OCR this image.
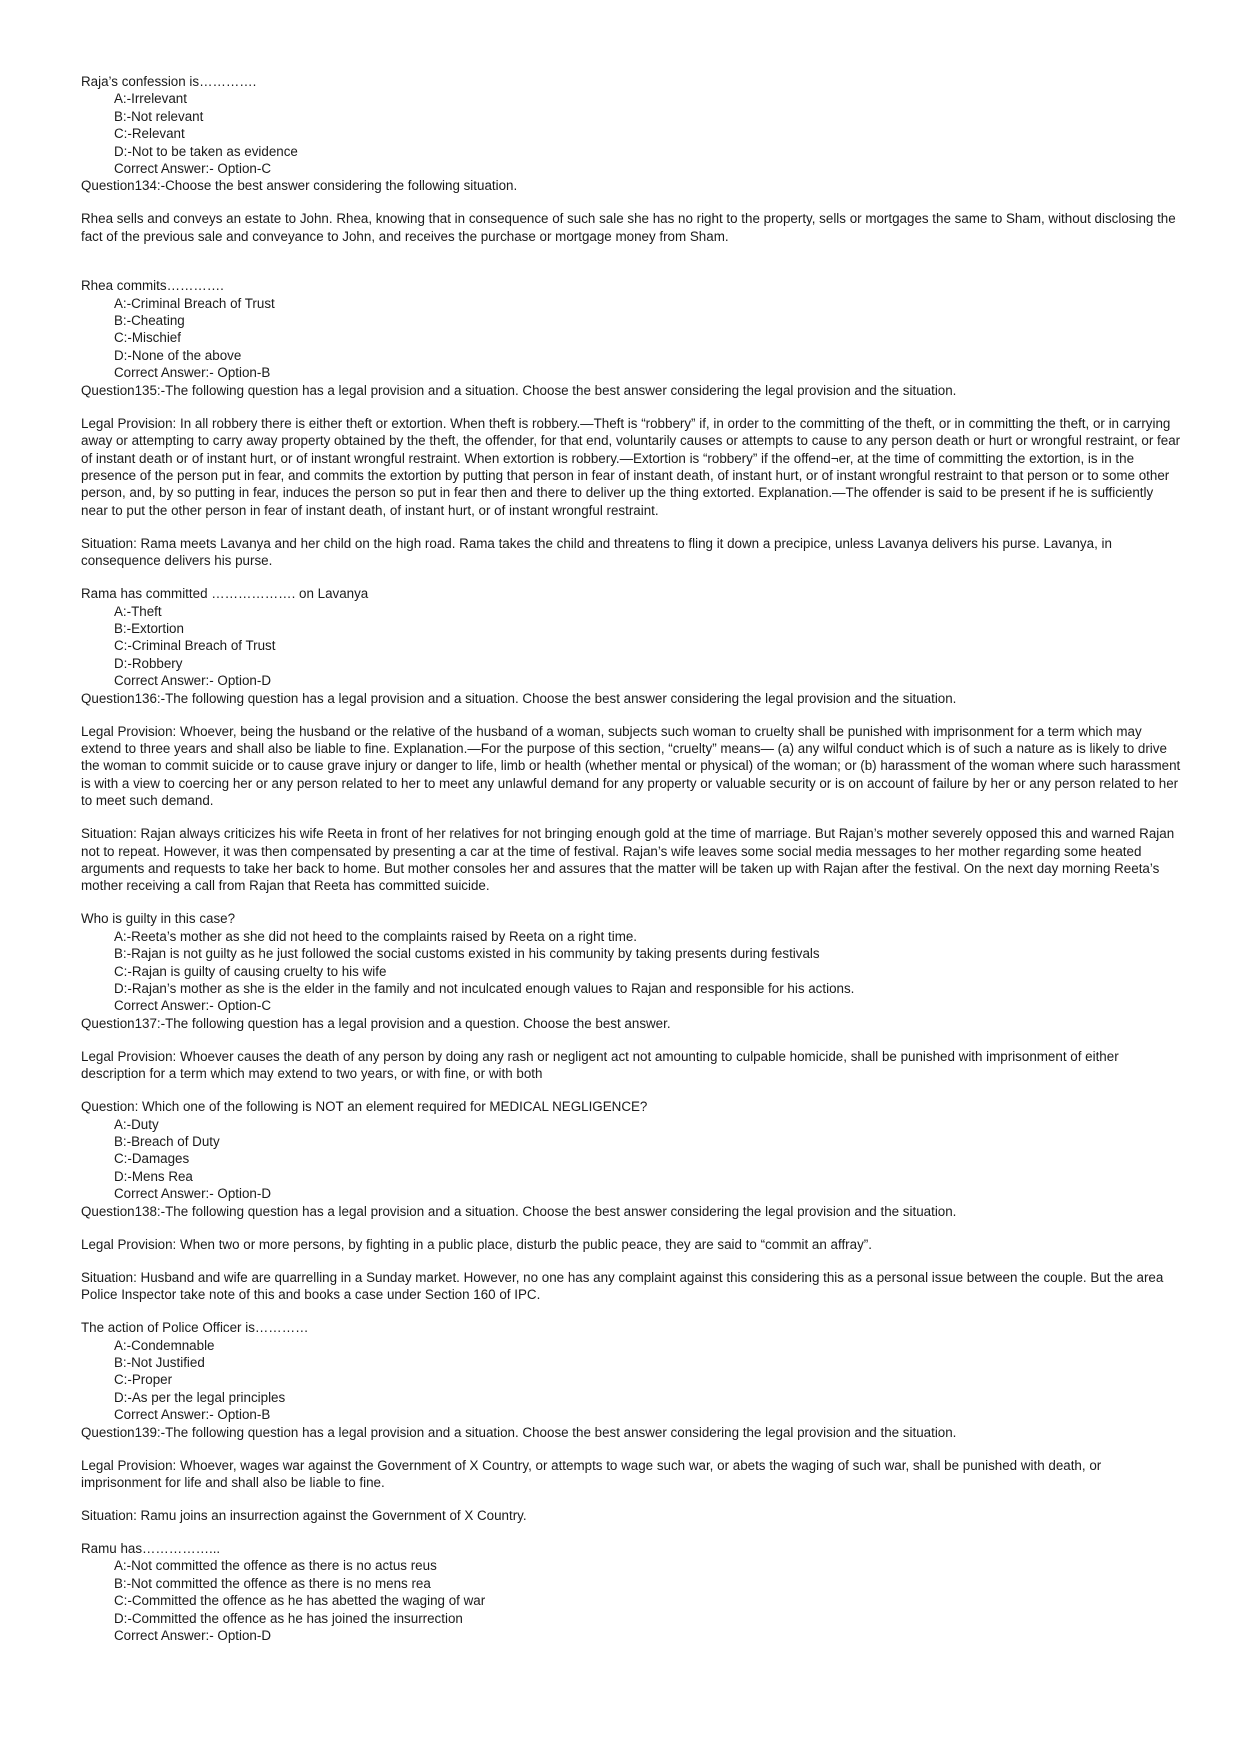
Raja’s confession is………….

A:-Irrelevant

B:-Not relevant

C:-Relevant

D:-Not to be taken as evidence

Correct Answer:- Option-C

Question134:-Choose the best answer considering the following situation.

Rhea sells and conveys an estate to John. Rhea, knowing that in consequence of such sale she has no right to the property, sells or mortgages the same to Sham, without disclosing the fact of the previous sale and conveyance to John, and receives the purchase or mortgage money from Sham.

Rhea commits………….

A:-Criminal Breach of Trust

B:-Cheating

C:-Mischief

D:-None of the above

Correct Answer:- Option-B

Question135:-The following question has a legal provision and a situation. Choose the best answer considering the legal provision and the situation.

Legal Provision: In all robbery there is either theft or extortion. When theft is robbery.—Theft is “robbery” if, in order to the committing of the theft, or in committing the theft, or in carrying away or attempting to carry away property obtained by the theft, the offender, for that end, voluntarily causes or attempts to cause to any person death or hurt or wrongful restraint, or fear of instant death or of instant hurt, or of instant wrongful restraint. When extortion is robbery.—Extortion is “robbery” if the offend¬er, at the time of committing the extortion, is in the presence of the person put in fear, and commits the extortion by putting that person in fear of instant death, of instant hurt, or of instant wrongful restraint to that person or to some other person, and, by so putting in fear, induces the person so put in fear then and there to deliver up the thing extorted. Explanation.—The offender is said to be present if he is sufficiently near to put the other person in fear of instant death, of instant hurt, or of instant wrongful restraint.

Situation: Rama meets Lavanya and her child on the high road. Rama takes the child and threatens to fling it down a precipice, unless Lavanya delivers his purse. Lavanya, in consequence delivers his purse.

Rama has committed ………………. on Lavanya

A:-Theft

B:-Extortion

C:-Criminal Breach of Trust

D:-Robbery

Correct Answer:- Option-D

Question136:-The following question has a legal provision and a situation. Choose the best answer considering the legal provision and the situation.

Legal Provision: Whoever, being the husband or the relative of the husband of a woman, subjects such woman to cruelty shall be punished with imprisonment for a term which may extend to three years and shall also be liable to fine. Explanation.—For the purpose of this section, “cruelty” means— (a) any wilful conduct which is of such a nature as is likely to drive the woman to commit suicide or to cause grave injury or danger to life, limb or health (whether mental or physical) of the woman; or (b) harassment of the woman where such harassment is with a view to coercing her or any person related to her to meet any unlawful demand for any property or valuable security or is on account of failure by her or any person related to her to meet such demand.

Situation: Rajan always criticizes his wife Reeta in front of her relatives for not bringing enough gold at the time of marriage. But Rajan’s mother severely opposed this and warned Rajan not to repeat. However, it was then compensated by presenting a car at the time of festival. Rajan’s wife leaves some social media messages to her mother regarding some heated arguments and requests to take her back to home. But mother consoles her and assures that the matter will be taken up with Rajan after the festival. On the next day morning Reeta’s mother receiving a call from Rajan that Reeta has committed suicide.

Who is guilty in this case?

A:-Reeta’s mother as she did not heed to the complaints raised by Reeta on a right time.

B:-Rajan is not guilty as he just followed the social customs existed in his community by taking presents during festivals

C:-Rajan is guilty of causing cruelty to his wife

D:-Rajan’s mother as she is the elder in the family and not inculcated enough values to Rajan and responsible for his actions.

Correct Answer:- Option-C

Question137:-The following question has a legal provision and a question. Choose the best answer.

Legal Provision: Whoever causes the death of any person by doing any rash or negligent act not amounting to culpable homicide, shall be punished with imprisonment of either description for a term which may extend to two years, or with fine, or with both

Question: Which one of the following is NOT an element required for MEDICAL NEGLIGENCE?

A:-Duty

B:-Breach of Duty

C:-Damages

D:-Mens Rea

Correct Answer:- Option-D

Question138:-The following question has a legal provision and a situation. Choose the best answer considering the legal provision and the situation.

Legal Provision: When two or more persons, by fighting in a public place, disturb the public peace, they are said to “commit an affray”.

Situation: Husband and wife are quarrelling in a Sunday market. However, no one has any complaint against this considering this as a personal issue between the couple. But the area Police Inspector take note of this and books a case under Section 160 of IPC.

The action of Police Officer is…………

A:-Condemnable

B:-Not Justified

C:-Proper

D:-As per the legal principles

Correct Answer:- Option-B

Question139:-The following question has a legal provision and a situation. Choose the best answer considering the legal provision and the situation.

Legal Provision: Whoever, wages war against the Government of X Country, or attempts to wage such war, or abets the waging of such war, shall be punished with death, or imprisonment for life and shall also be liable to fine.

Situation: Ramu joins an insurrection against the Government of X Country.

Ramu has……………...

A:-Not committed the offence as there is no actus reus

B:-Not committed the offence as there is no mens rea

C:-Committed the offence as he has abetted the waging of war

D:-Committed the offence as he has joined the insurrection

Correct Answer:- Option-D
